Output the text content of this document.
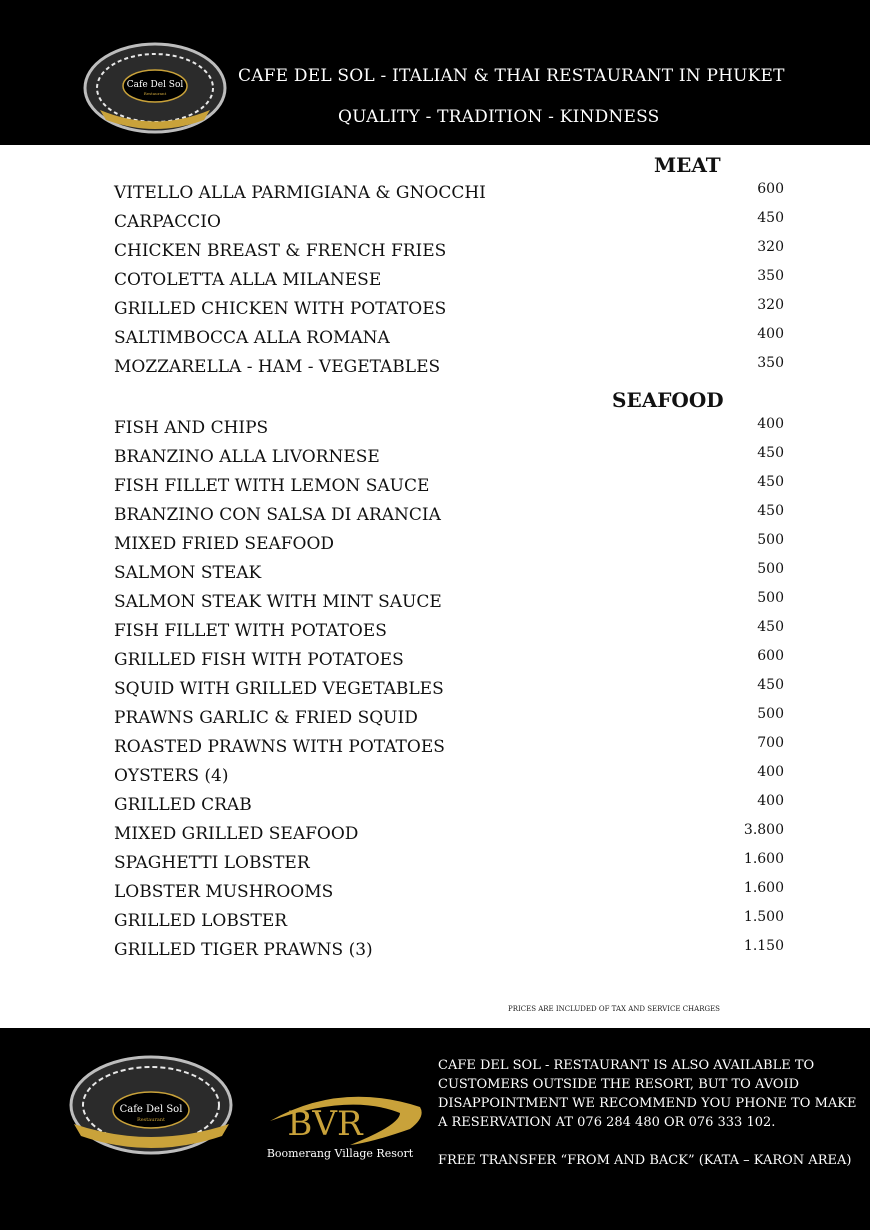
Cafe Del Sol
Restaurant
CAFE DEL SOL - ITALIAN & THAI RESTAURANT IN PHUKET
QUALITY - TRADITION - KINDNESS
MEAT
VITELLO ALLA PARMIGIANA & GNOCCHI	600
CARPACCIO	450
CHICKEN BREAST & FRENCH FRIES	320
COTOLETTA ALLA MILANESE	350
GRILLED CHICKEN WITH POTATOES	320
SALTIMBOCCA ALLA ROMANA	400
MOZZARELLA - HAM - VEGETABLES	350
SEAFOOD
FISH AND CHIPS	400
BRANZINO ALLA LIVORNESE	450
FISH FILLET WITH LEMON SAUCE	450
BRANZINO CON SALSA DI ARANCIA	450
MIXED FRIED SEAFOOD	500
SALMON STEAK	500
SALMON STEAK WITH MINT SAUCE	500
FISH FILLET WITH POTATOES	450
GRILLED FISH WITH POTATOES	600
SQUID WITH GRILLED VEGETABLES	450
PRAWNS GARLIC & FRIED SQUID	500
ROASTED PRAWNS WITH POTATOES	700
OYSTERS (4)	400
GRILLED CRAB	400
MIXED GRILLED SEAFOOD	3.800
SPAGHETTI LOBSTER	1.600
LOBSTER MUSHROOMS	1.600
GRILLED LOBSTER	1.500
GRILLED TIGER PRAWNS (3)	1.150
PRICES ARE INCLUDED OF TAX AND SERVICE CHARGES
Cafe Del Sol
Restaurant	BVR
Boomerang Village Resort
CAFE DEL SOL - RESTAURANT IS ALSO AVAILABLE TO CUSTOMERS OUTSIDE THE RESORT, BUT TO AVOID DISAPPOINTMENT WE RECOMMEND YOU PHONE TO MAKE A RESERVATION AT 076 284 480 OR 076 333 102.
FREE TRANSFER “FROM AND BACK” (KATA – KARON AREA)
